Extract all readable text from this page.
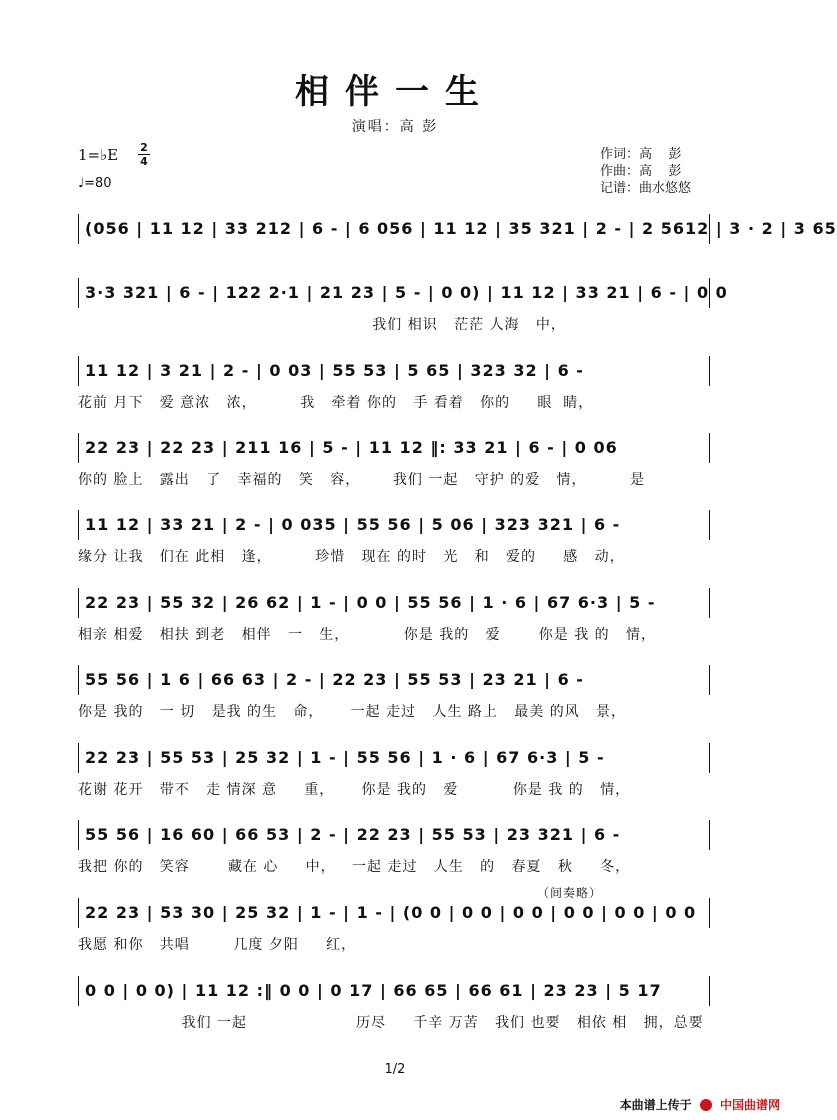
相伴一生
演唱：高 彭
1=♭E 2
4
♩=80
作词：高    彭
作曲：高    彭
记谱：曲水悠悠
(056 | 11 12 | 33 212 | 6 - | 6 056 | 11 12 | 35 321 | 2 - | 2 5612 | 3 · 2 | 3 65
3·3 321 | 6 - | 122 2·1 | 21 23 | 5 - | 0 0) | 11 12 | 33 21 | 6 - | 0 0
我们 相识   茫茫 人海   中，
11 12 | 3 21 | 2 - | 0 03 | 55 53 | 5 65 | 323 32 | 6 -
花前 月下   爱 意浓   浓，        我   牵着 你的   手 看着   你的     眼  睛，
22 23 | 22 23 | 211 16 | 5 - | 11 12 ‖: 33 21 | 6 - | 0 06
你的 脸上   露出   了   幸福的   笑   容，      我们 一起   守护 的爱   情，        是
11 12 | 33 21 | 2 - | 0 035 | 55 56 | 5 06 | 323 321 | 6 -
缘分 让我   们在 此相   逢，        珍惜   现在 的时   光   和   爱的     感   动，
22 23 | 55 32 | 26 62 | 1 - | 0 0 | 55 56 | 1 · 6 | 67 6·3 | 5 -
相亲 相爱   相扶 到老   相伴   一   生，          你是 我的   爱       你是 我 的   情，
55 56 | 1 6 | 66 63 | 2 - | 22 23 | 55 53 | 23 21 | 6 -
你是 我的   一 切   是我 的生   命，     一起 走过   人生 路上   最美 的风   景，
22 23 | 55 53 | 25 32 | 1 - | 55 56 | 1 · 6 | 67 6·3 | 5 -
花谢 花开   带不   走 情深 意     重，     你是 我的   爱          你是 我 的   情，
55 56 | 16 60 | 66 53 | 2 - | 22 23 | 55 53 | 23 321 | 6 -
我把 你的   笑容       藏在 心     中，   一起 走过   人生   的   春夏   秋     冬，
（间奏略）
22 23 | 53 30 | 25 32 | 1 - | 1 - | (0 0 | 0 0 | 0 0 | 0 0 | 0 0 | 0 0
我愿 和你   共唱        几度 夕阳     红，
0 0 | 0 0) | 11 12 :‖ 0 0 | 0 17 | 66 65 | 66 61 | 23 23 | 5 17
我们 一起                    历尽     千辛 万苦   我们 也要   相依 相   拥，总要
1/2
本曲谱上传于 中国曲谱网
